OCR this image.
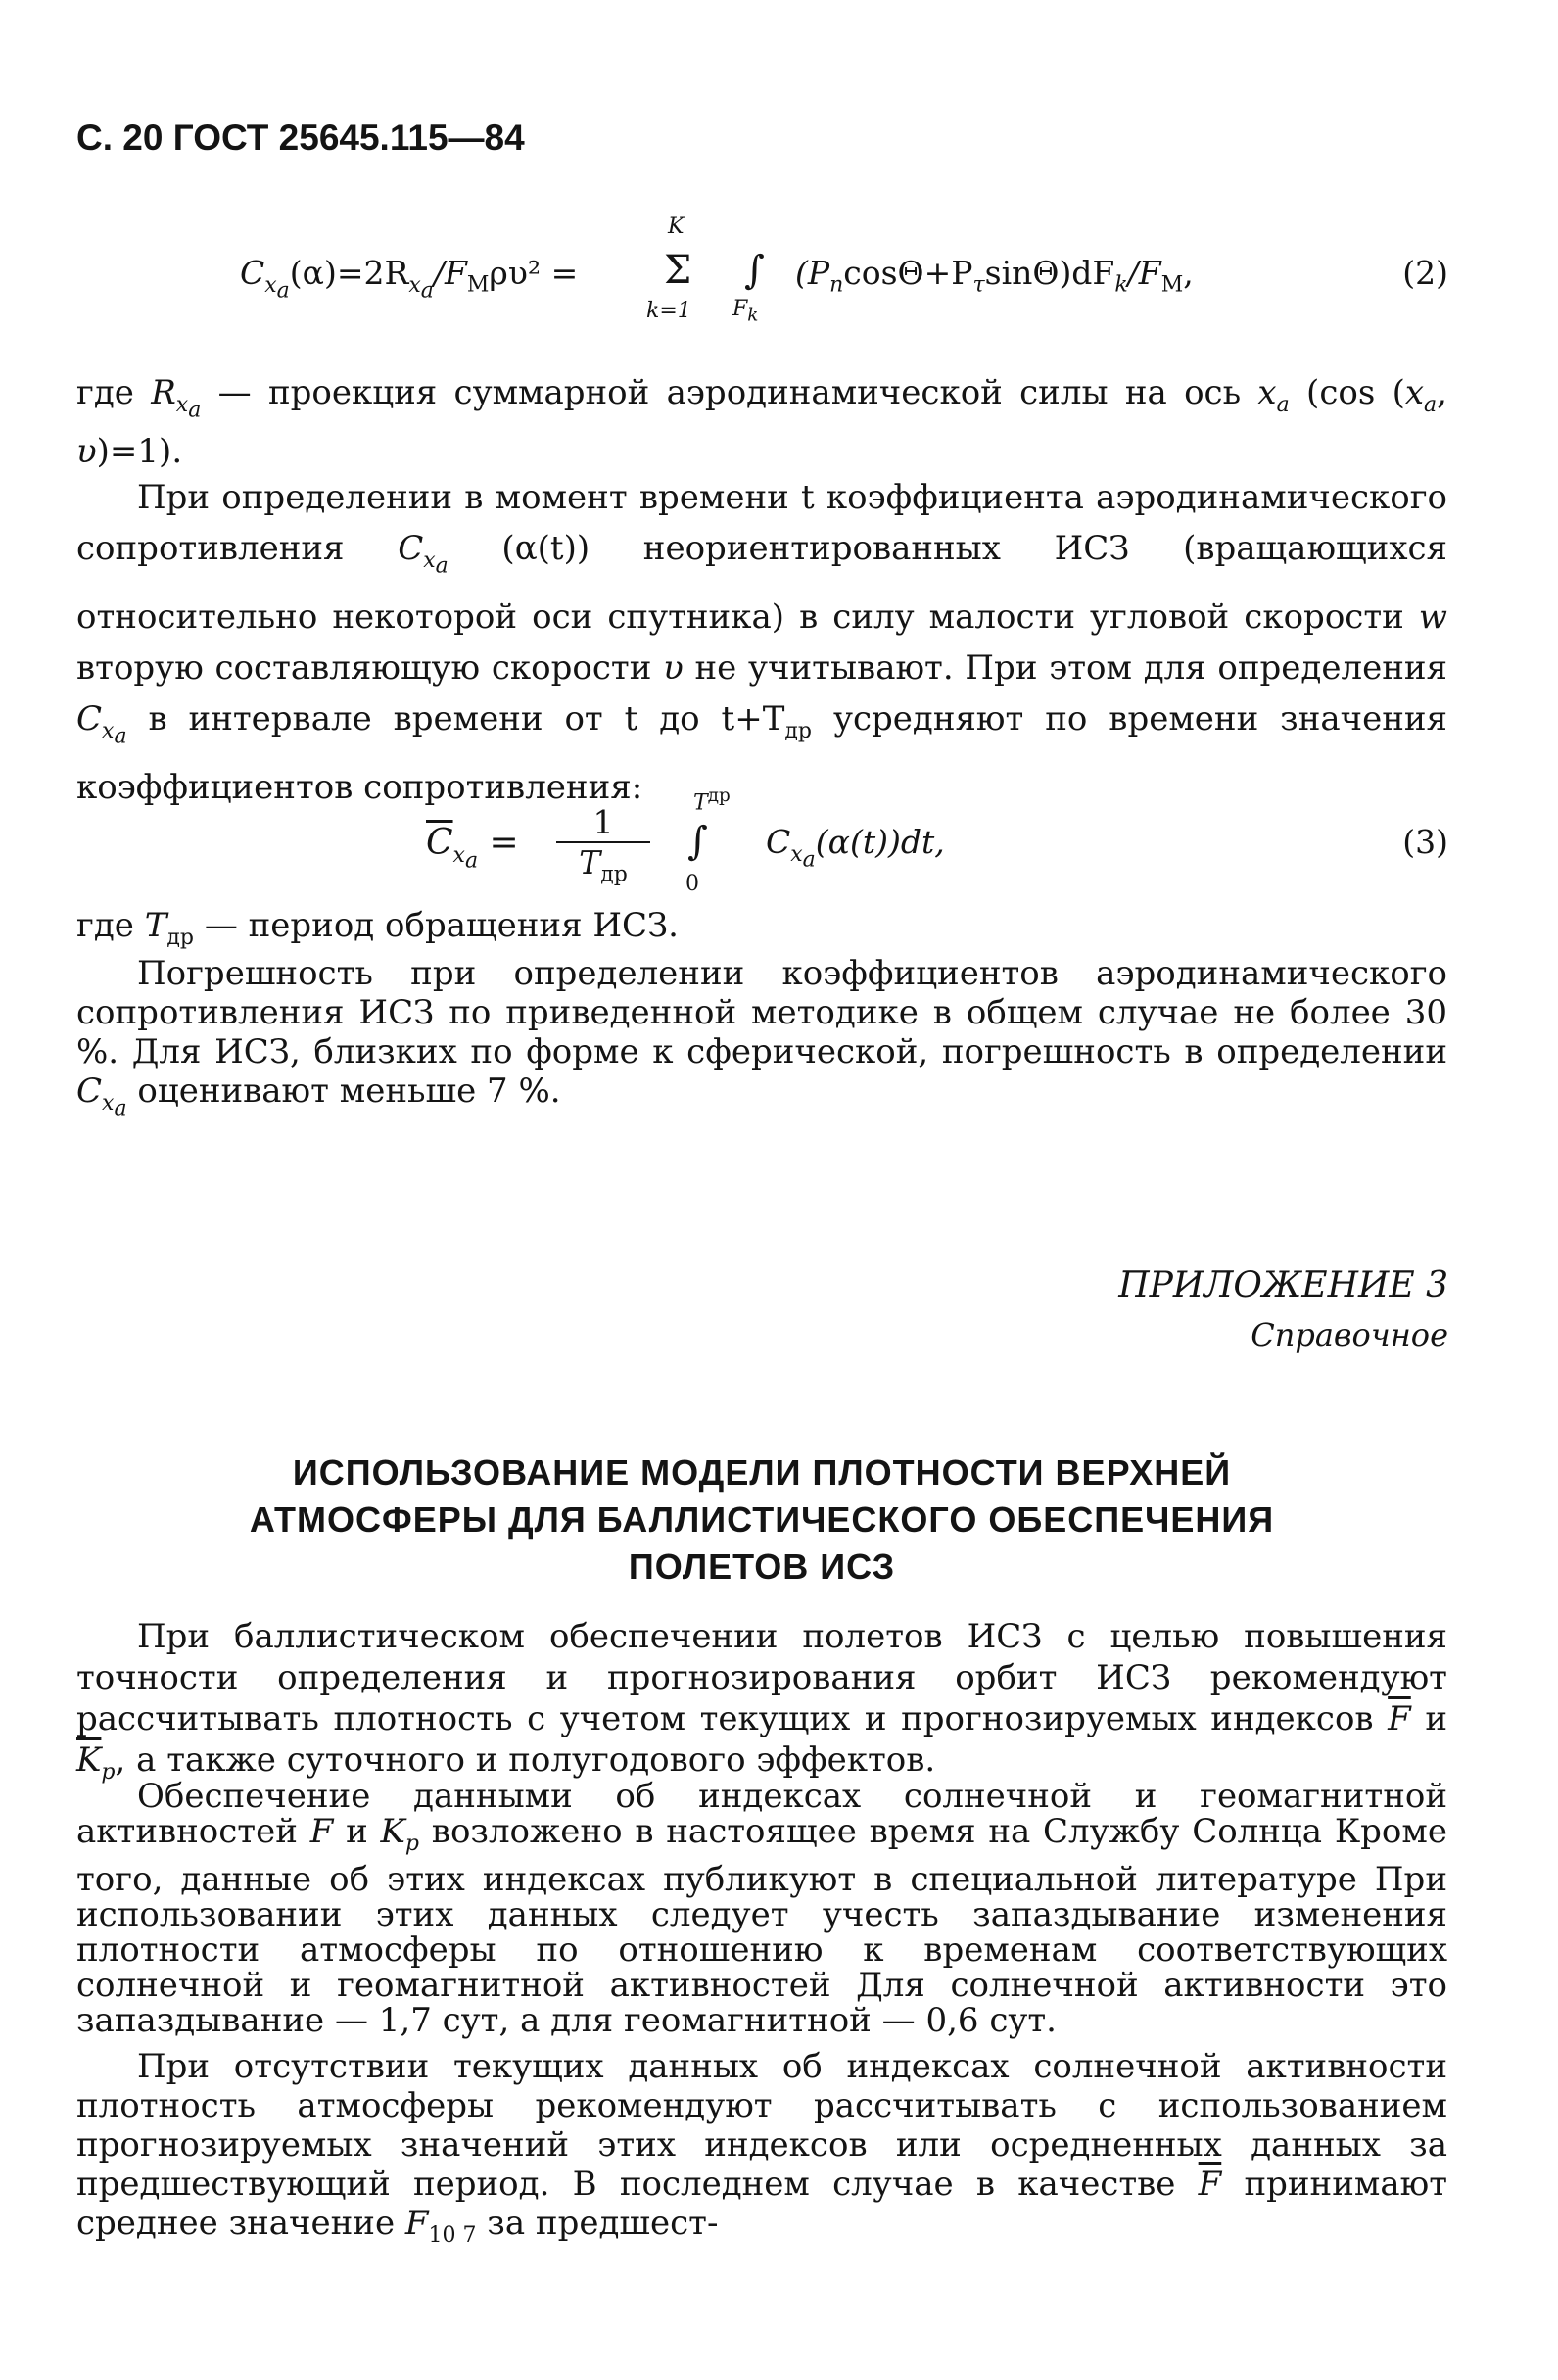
С. 20 ГОСТ 25645.115—84
$C_{x_a}(\alpha)=2R_{x_a}/F_М\rho\upsilon^2$ =
K
Σ
k=1
∫
$F_k$
$(P_n\cos\Theta+P_\tau\sin\Theta)dF_k/F_М$,	(2)

где $R_{x_a}$ — проекция суммарной аэродинамической силы на ось $x_a$ (cos ($x_a$, υ)=1).

При определении в момент времени t коэффициента аэродинамического сопротивления $C_{x_a}$ (α(t)) неориентированных ИСЗ (вращающихся относительно некоторой оси спутника) в силу малости угловой скорости w вторую составляющую скорости υ не учитывают. При этом для определения $C_{x_a}$ в интервале времени от t до $t+T_{др}$ усредняют по времени значения коэффициентов сопротивления:

$\overline{C}_{x_a}$ =
1
$T_{др}$
$T^{др}$
∫
0
$C_{x_a}(\alpha(t))dt$,	(3)

где $T_{др}$ — период обращения ИСЗ.

Погрешность при определении коэффициентов аэродинамического сопротивления ИСЗ по приведенной методике в общем случае не более 30 %. Для ИСЗ, близких по форме к сферической, погрешность в определении $C_{x_a}$ оценивают меньше 7 %.

ПРИЛОЖЕНИЕ 3
Справочное
ИСПОЛЬЗОВАНИЕ МОДЕЛИ ПЛОТНОСТИ ВЕРХНЕЙ
АТМОСФЕРЫ ДЛЯ БАЛЛИСТИЧЕСКОГО ОБЕСПЕЧЕНИЯ
ПОЛЕТОВ ИСЗ

При баллистическом обеспечении полетов ИСЗ с целью повышения точности определения и прогнозирования орбит ИСЗ рекомендуют рассчитывать плотность с учетом текущих и прогнозируемых индексов $\overline{F}$ и $\overline{K}_p$, а также суточного и полугодового эффектов.

Обеспечение данными об индексах солнечной и геомагнитной активностей F и $K_p$ возложено в настоящее время на Службу Солнца Кроме того, данные об этих индексах публикуют в специальной литературе При использовании этих данных следует учесть запаздывание изменения плотности атмосферы по отношению к временам соответствующих солнечной и геомагнитной активностей Для солнечной активности это запаздывание — 1,7 сут, а для геомагнитной — 0,6 сут.

При отсутствии текущих данных об индексах солнечной активности плотность атмосферы рекомендуют рассчитывать с использованием прогнозируемых значений этих индексов или осредненных данных за предшествующий период. В последнем случае в качестве $\overline{F}$ принимают среднее значение $F_{10 7}$ за предшест-
